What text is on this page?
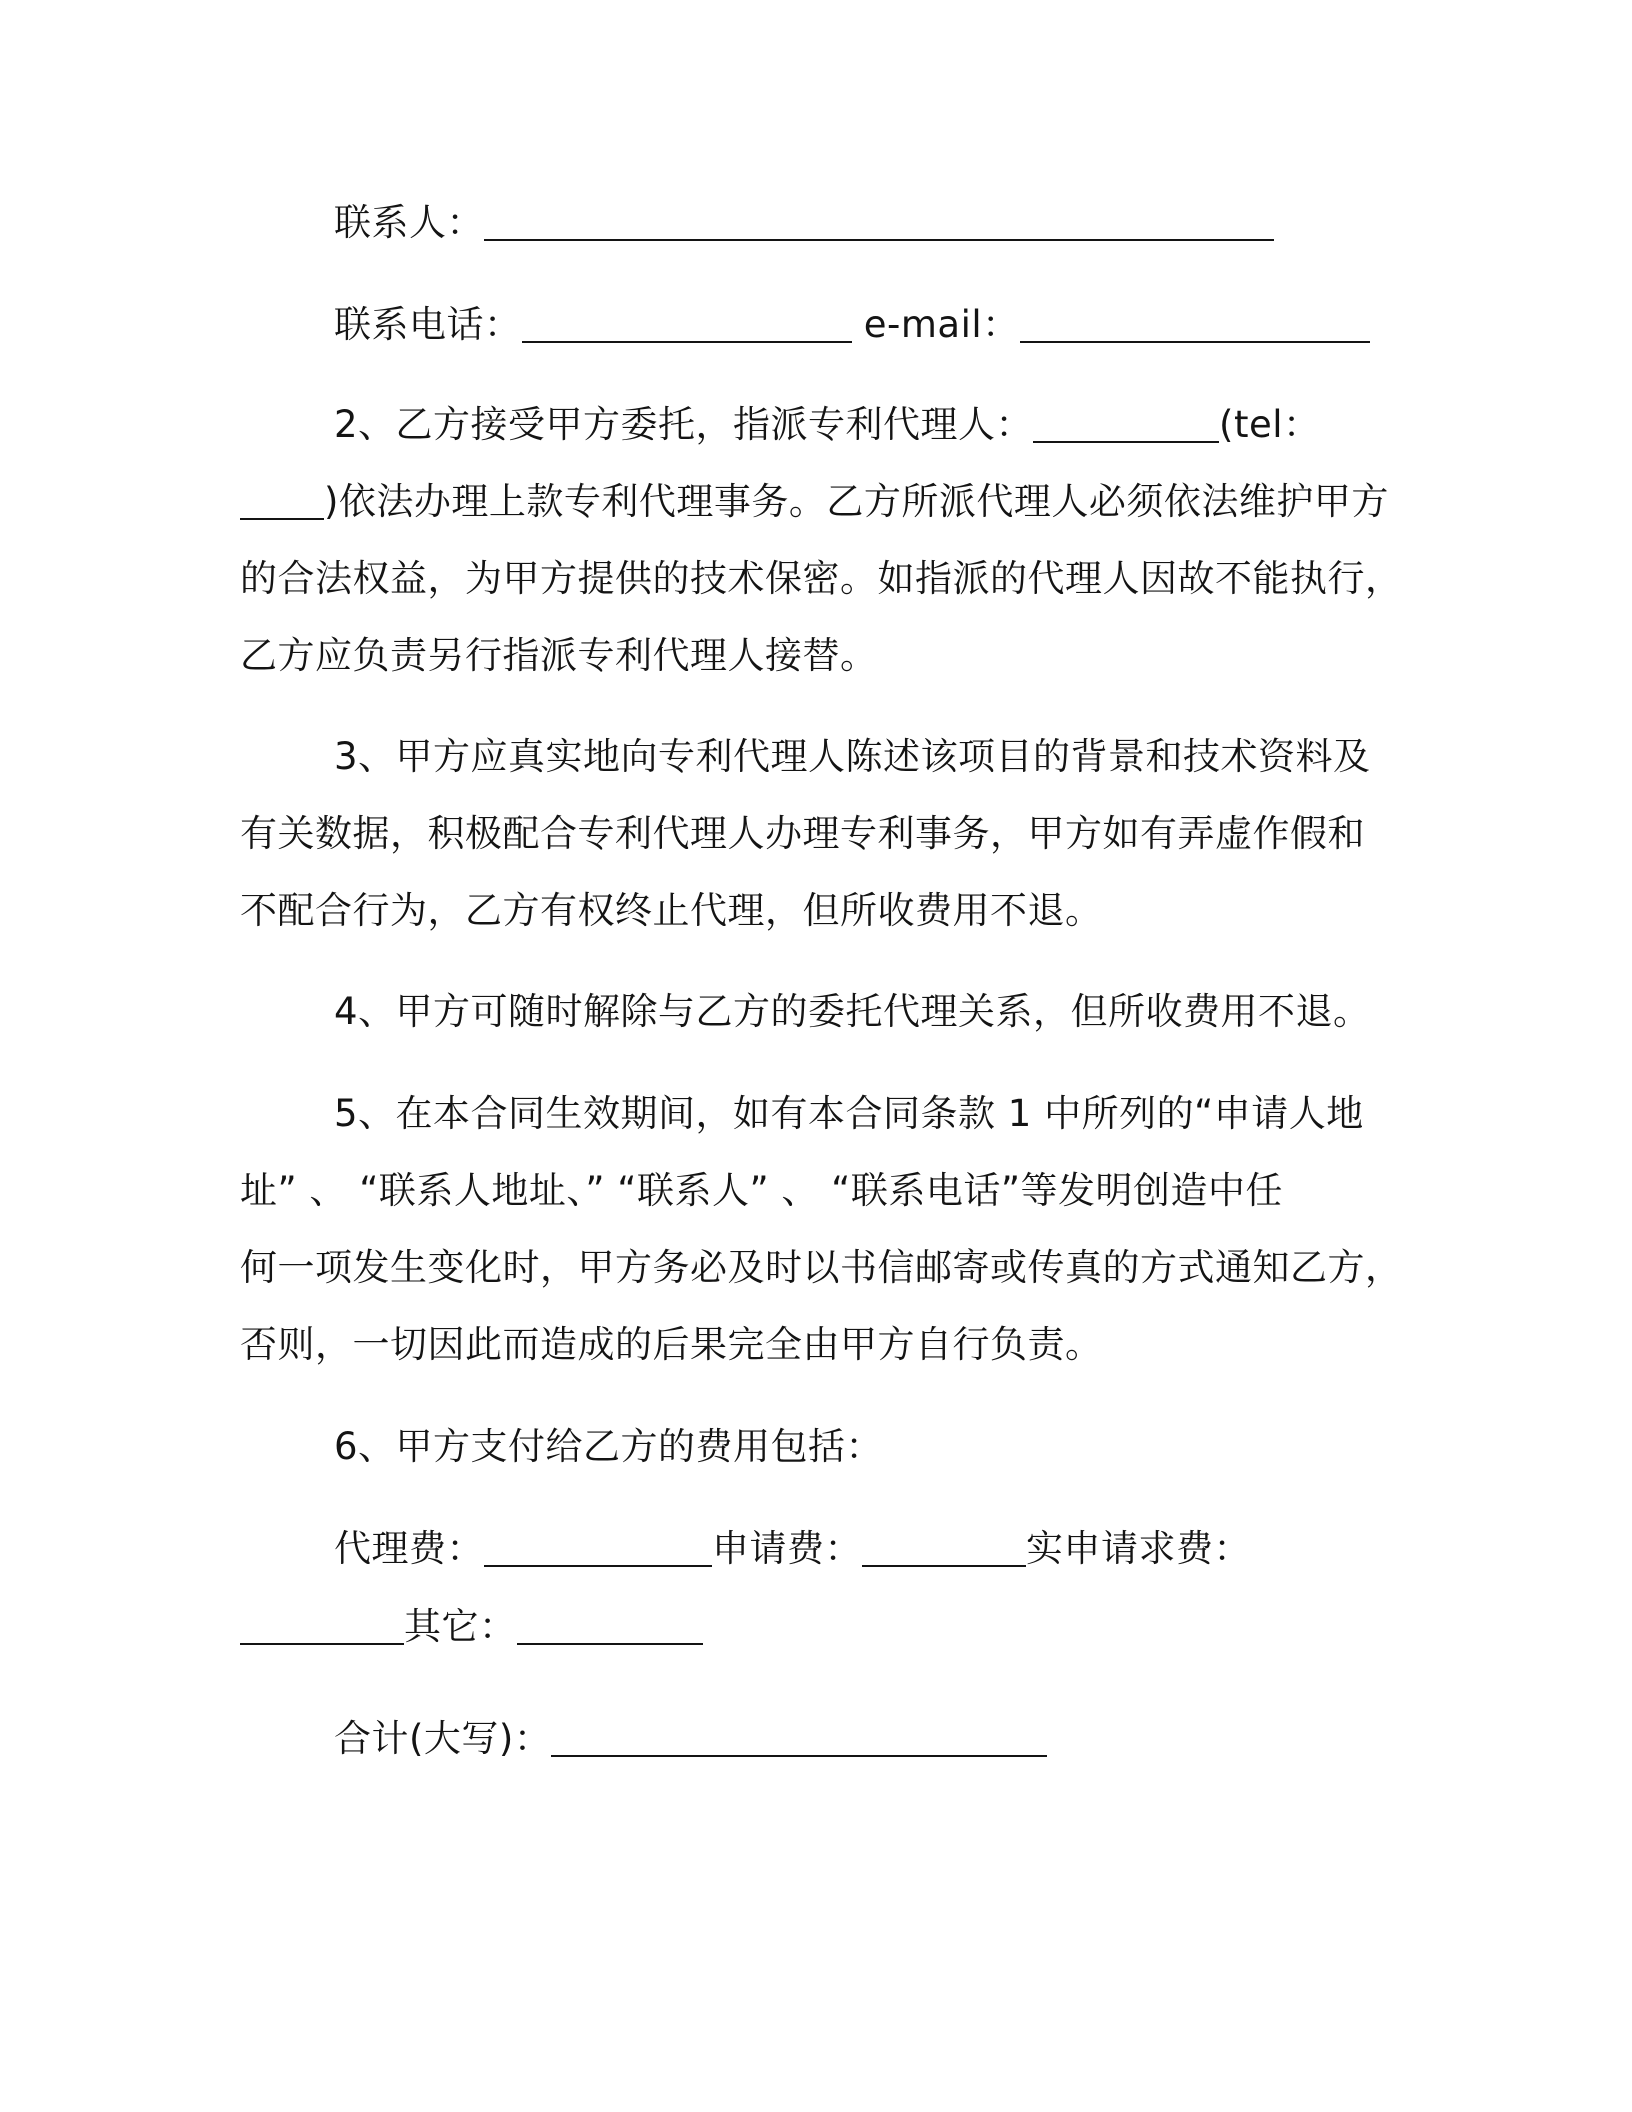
联系人：
联系电话：	e-mail：
2、乙方接受甲方委托，指派专利代理人：	(tel：
)依法办理上款专利代理事务。乙方所派代理人必须依法维护甲方
的合法权益，为甲方提供的技术保密。如指派的代理人因故不能执行，
乙方应负责另行指派专利代理人接替。
3、甲方应真实地向专利代理人陈述该项目的背景和技术资料及
有关数据，积极配合专利代理人办理专利事务，甲方如有弄虚作假和
不配合行为，乙方有权终止代理，但所收费用不退。
4、甲方可随时解除与乙方的委托代理关系，但所收费用不退。
5、在本合同生效期间，如有本合同条款 1 中所列的“申请人地
址” 、 “联系人地址、” “联系人” 、 “联系电话”等发明创造中任
何一项发生变化时，甲方务必及时以书信邮寄或传真的方式通知乙方，
否则，一切因此而造成的后果完全由甲方自行负责。
6、甲方支付给乙方的费用包括：
代理费：	申请费：	实申请求费：
其它：
合计(大写)：
